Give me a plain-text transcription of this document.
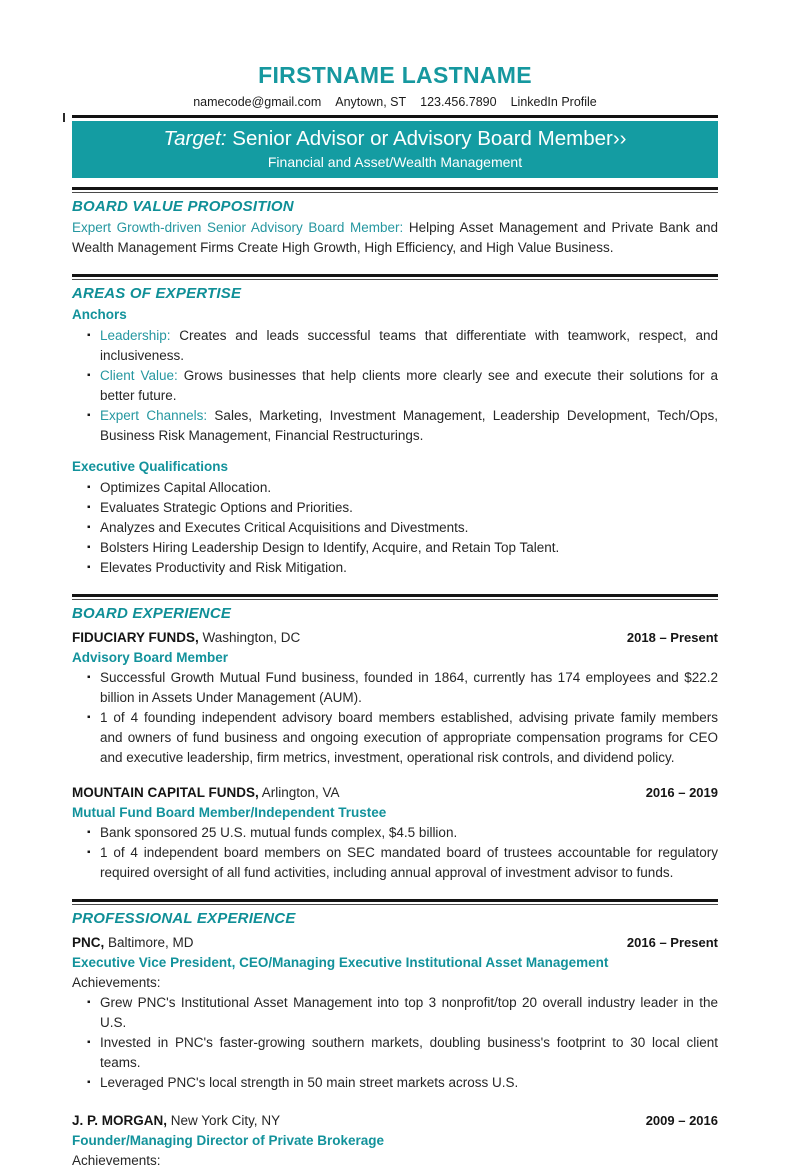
FIRSTNAME LASTNAME
namecode@gmail.com Anytown, ST 123.456.7890 LinkedIn Profile
Target: Senior Advisor or Advisory Board Member››
Financial and Asset/Wealth Management
BOARD VALUE PROPOSITION

Expert Growth-driven Senior Advisory Board Member: Helping Asset Management and Private Bank and Wealth Management Firms Create High Growth, High Efficiency, and High Value Business.

AREAS OF EXPERTISE
Anchors
▪ Leadership: Creates and leads successful teams that differentiate with teamwork, respect, and inclusiveness.
▪ Client Value: Grows businesses that help clients more clearly see and execute their solutions for a better future.
▪ Expert Channels: Sales, Marketing, Investment Management, Leadership Development, Tech/Ops, Business Risk Management, Financial Restructurings.
Executive Qualifications
▪ Optimizes Capital Allocation.
▪ Evaluates Strategic Options and Priorities.
▪ Analyzes and Executes Critical Acquisitions and Divestments.
▪ Bolsters Hiring Leadership Design to Identify, Acquire, and Retain Top Talent.
▪ Elevates Productivity and Risk Mitigation.
BOARD EXPERIENCE
FIDUCIARY FUNDS, Washington, DC	2018 – Present
Advisory Board Member
▪ Successful Growth Mutual Fund business, founded in 1864, currently has 174 employees and $22.2 billion in Assets Under Management (AUM).
▪ 1 of 4 founding independent advisory board members established, advising private family members and owners of fund business and ongoing execution of appropriate compensation programs for CEO and executive leadership, firm metrics, investment, operational risk controls, and dividend policy.
MOUNTAIN CAPITAL FUNDS, Arlington, VA	2016 – 2019
Mutual Fund Board Member/Independent Trustee
▪ Bank sponsored 25 U.S. mutual funds complex, $4.5 billion.
▪ 1 of 4 independent board members on SEC mandated board of trustees accountable for regulatory required oversight of all fund activities, including annual approval of investment advisor to funds.
PROFESSIONAL EXPERIENCE
PNC, Baltimore, MD	2016 – Present
Executive Vice President, CEO/Managing Executive Institutional Asset Management
Achievements:
▪ Grew PNC's Institutional Asset Management into top 3 nonprofit/top 20 overall industry leader in the U.S.
▪ Invested in PNC's faster-growing southern markets, doubling business's footprint to 30 local client teams.
▪ Leveraged PNC's local strength in 50 main street markets across U.S.
J. P. MORGAN, New York City, NY	2009 – 2016
Founder/Managing Director of Private Brokerage
Achievements:
